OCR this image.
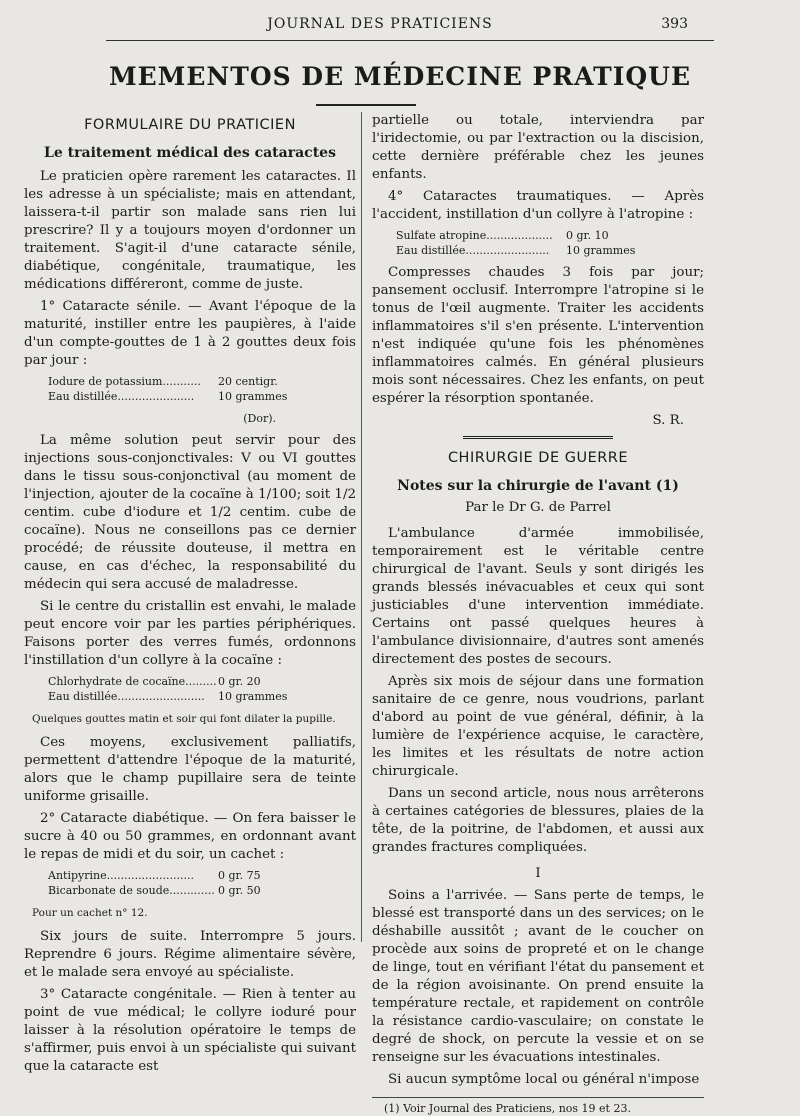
JOURNAL DES PRATICIENS	393
MEMENTOS DE MÉDECINE PRATIQUE
FORMULAIRE DU PRATICIEN
Le traitement médical des cataractes

Le praticien opère rarement les cataractes. Il les adresse à un spécialiste; mais en attendant, laissera-t-il partir son malade sans rien lui prescrire? Il y a toujours moyen d'ordonner un traitement. S'agit-il d'une cataracte sénile, diabétique, congénitale, traumatique, les médications différeront, comme de juste.

1° Cataracte sénile. — Avant l'époque de la maturité, instiller entre les paupières, à l'aide d'un compte-gouttes de 1 à 2 gouttes deux fois par jour :

Iodure de potassium...........	20 centigr.
Eau distillée......................	10 grammes
(Dor).

La même solution peut servir pour des injections sous-conjonctivales: V ou VI gouttes dans le tissu sous-conjonctival (au moment de l'injection, ajouter de la cocaïne à 1/100; soit 1/2 centim. cube d'iodure et 1/2 centim. cube de cocaïne). Nous ne conseillons pas ce dernier procédé; de réussite douteuse, il mettra en cause, en cas d'échec, la responsabilité du médecin qui sera accusé de maladresse.

Si le centre du cristallin est envahi, le malade peut encore voir par les parties périphériques. Faisons porter des verres fumés, ordonnons l'instillation d'un collyre à la cocaïne :

Chlorhydrate de cocaïne......... 0 gr. 20
Eau distillée.........................	10 grammes
Quelques gouttes matin et soir qui font dilater la pupille.

Ces moyens, exclusivement palliatifs, permettent d'attendre l'époque de la maturité, alors que le champ pupillaire sera de teinte uniforme grisaille.

2° Cataracte diabétique. — On fera baisser le sucre à 40 ou 50 grammes, en ordonnant avant le repas de midi et du soir, un cachet :

Antipyrine.........................	0 gr. 75
Bicarbonate de soude............. 0 gr. 50
Pour un cachet n° 12.

Six jours de suite. Interrompre 5 jours. Reprendre 6 jours. Régime alimentaire sévère, et le malade sera envoyé au spécialiste.

3° Cataracte congénitale. — Rien à tenter au point de vue médical; le collyre ioduré pour laisser à la résolution opératoire le temps de s'affirmer, puis envoi à un spécialiste qui suivant que la cataracte est

partielle ou totale, interviendra par l'iridectomie, ou par l'extraction ou la discision, cette dernière préférable chez les jeunes enfants.

4° Cataractes traumatiques. — Après l'accident, instillation d'un collyre à l'atropine :

Sulfate atropine...................	0 gr. 10
Eau distillée........................	10 grammes

Compresses chaudes 3 fois par jour; pansement occlusif. Interrompre l'atropine si le tonus de l'œil augmente. Traiter les accidents inflammatoires s'il s'en présente. L'intervention n'est indiquée qu'une fois les phénomènes inflammatoires calmés. En général plusieurs mois sont nécessaires. Chez les enfants, on peut espérer la résorption spontanée.

S. R.
CHIRURGIE DE GUERRE
Notes sur la chirurgie de l'avant (1)
Par le Dr G. de Parrel

L'ambulance d'armée immobilisée, temporairement est le véritable centre chirurgical de l'avant. Seuls y sont dirigés les grands blessés inévacuables et ceux qui sont justiciables d'une intervention immédiate. Certains ont passé quelques heures à l'ambulance divisionnaire, d'autres sont amenés directement des postes de secours.

Après six mois de séjour dans une formation sanitaire de ce genre, nous voudrions, parlant d'abord au point de vue général, définir, à la lumière de l'expérience acquise, le caractère, les limites et les résultats de notre action chirurgicale.

Dans un second article, nous nous arrêterons à certaines catégories de blessures, plaies de la tête, de la poitrine, de l'abdomen, et aussi aux grandes fractures compliquées.

I

Soins a l'arrivée. — Sans perte de temps, le blessé est transporté dans un des services; on le déshabille aussitôt ; avant de le coucher on procède aux soins de propreté et on le change de linge, tout en vérifiant l'état du pansement et de la région avoisinante. On prend ensuite la température rectale, et rapidement on contrôle la résistance cardio-vasculaire; on constate le degré de shock, on percute la vessie et on se renseigne sur les évacuations intestinales.

Si aucun symptôme local ou général n'impose

(1) Voir Journal des Praticiens, nos 19 et 23.
